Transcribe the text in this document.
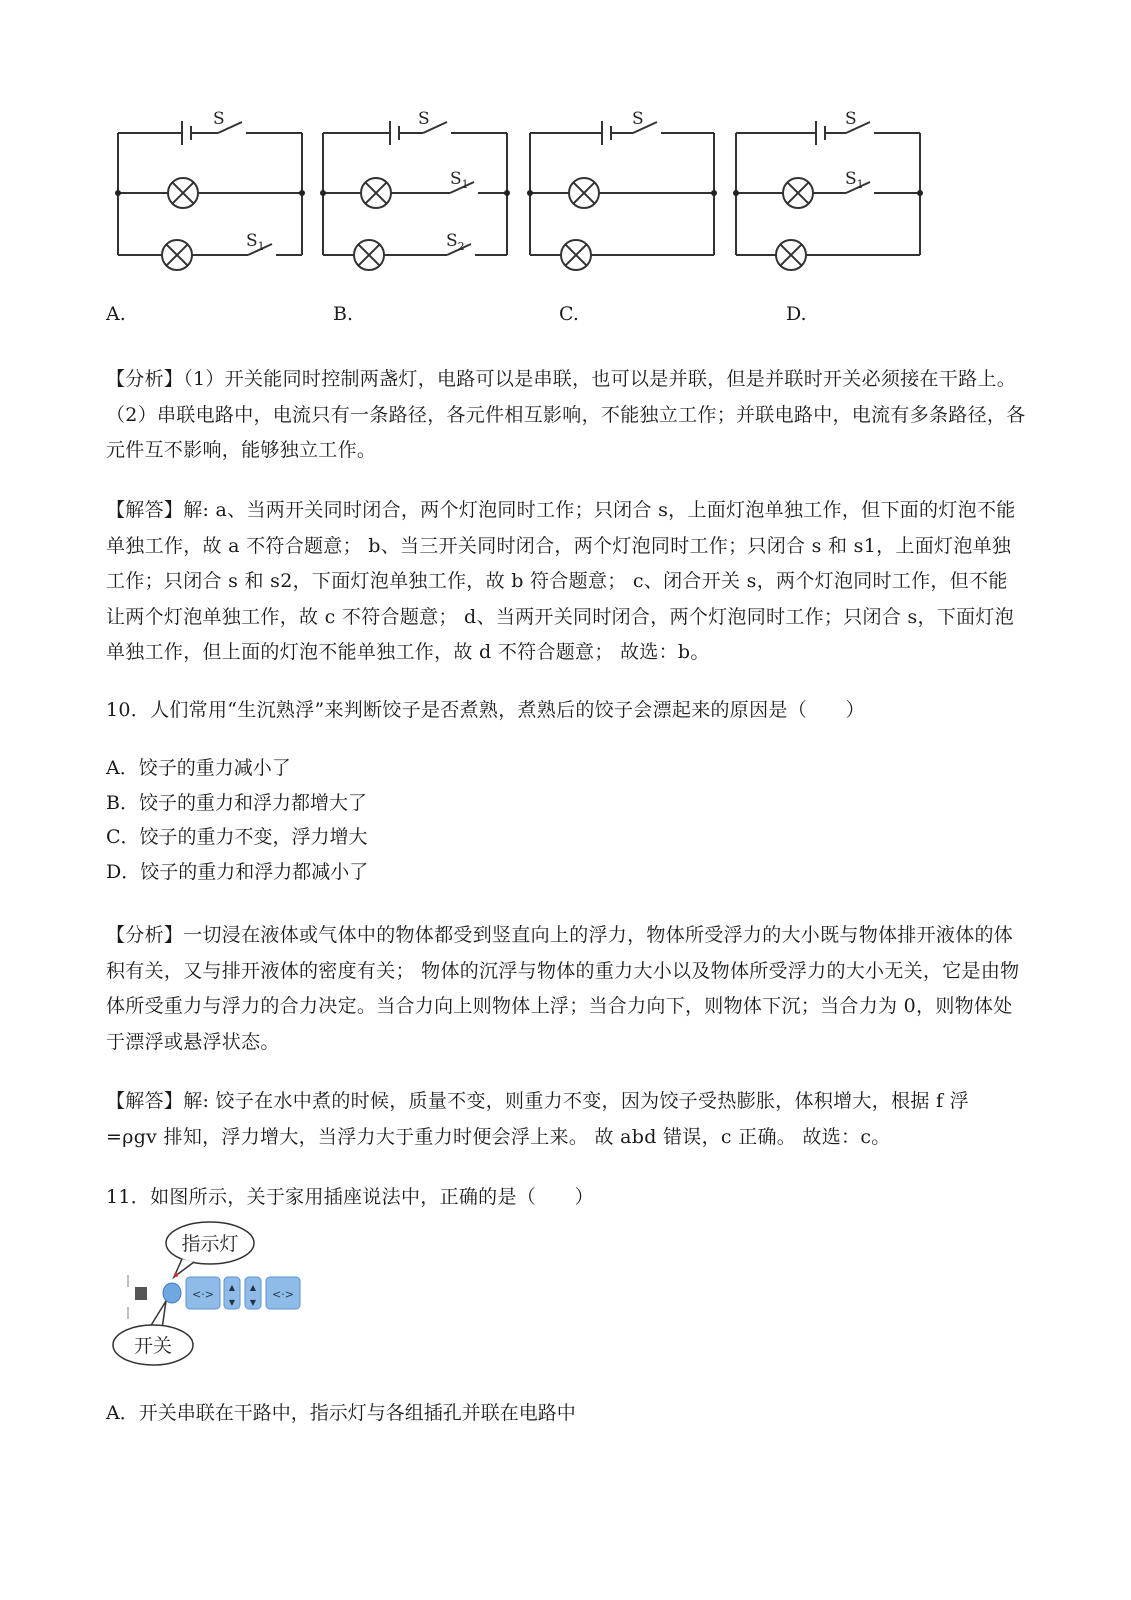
S
$S_1$
S
$S_1$
$S_2$
S	S
$S_1$
A.	B.	C.	D.
【分析】（1）开关能同时控制两盏灯，电路可以是串联，也可以是并联，但是并联时开关必须接在干路上。 （2）串联电路中，电流只有一条路径，各元件相互影响，不能独立工作；并联电路中，电流有多条路径，各元件互不影响，能够独立工作。
【解答】解: a、当两开关同时闭合，两个灯泡同时工作；只闭合 s，上面灯泡单独工作，但下面的灯泡不能单独工作，故 a 不符合题意； b、当三开关同时闭合，两个灯泡同时工作；只闭合 s 和 s1，上面灯泡单独工作；只闭合 s 和 s2，下面灯泡单独工作，故 b 符合题意； c、闭合开关 s，两个灯泡同时工作，但不能让两个灯泡单独工作，故 c 不符合题意； d、当两开关同时闭合，两个灯泡同时工作；只闭合 s，下面灯泡单独工作，但上面的灯泡不能单独工作，故 d 不符合题意； 故选：b。
10．人们常用“生沉熟浮”来判断饺子是否煮熟，煮熟后的饺子会漂起来的原因是（　　）
A．饺子的重力减小了
B．饺子的重力和浮力都增大了
C．饺子的重力不变，浮力增大
D．饺子的重力和浮力都减小了
【分析】一切浸在液体或气体中的物体都受到竖直向上的浮力，物体所受浮力的大小既与物体排开液体的体积有关，又与排开液体的密度有关； 物体的沉浮与物体的重力大小以及物体所受浮力的大小无关，它是由物体所受重力与浮力的合力决定。当合力向上则物体上浮；当合力向下，则物体下沉；当合力为 0，则物体处于漂浮或悬浮状态。
【解答】解: 饺子在水中煮的时候，质量不变，则重力不变，因为饺子受热膨胀，体积增大，根据 f 浮 =ρgv 排知，浮力增大，当浮力大于重力时便会浮上来。 故 abd 错误，c 正确。 故选：c。
11．如图所示，关于家用插座说法中，正确的是（　　）
指示灯
<·>
▲
▼
▲
▼
<·>
开关
A．开关串联在干路中，指示灯与各组插孔并联在电路中
